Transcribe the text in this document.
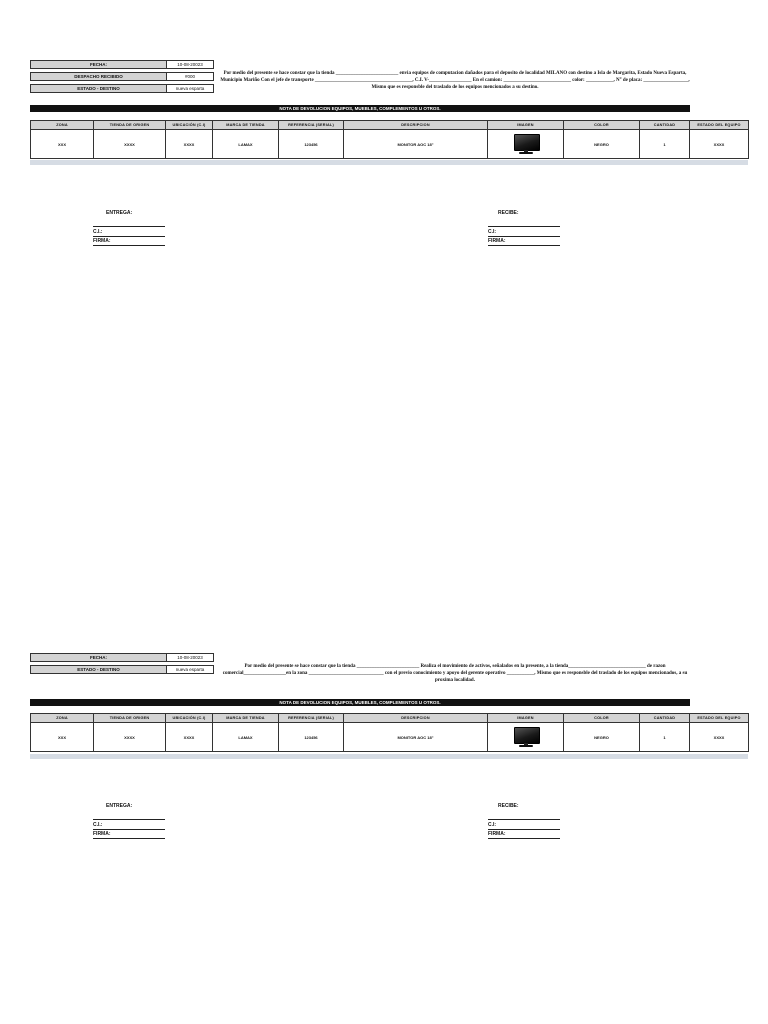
FECHA:	10-08-20023
DESPACHO RECIBIDO	#000
ESTADO - DESTINO	nueva esparta
Por medio del presente se hace constar que la tienda _________________________ envia equipos de computacion dañados para el deposito de localidad MILANO con destino a Isla de Margarita, Estado Nueva Esparta, Municipio Mariño Con el jefe de transporte _______________________________________, C.I. V-_________________ En el camion: ___________________________ color: ___________, N° de placa: __________________, Mismo que es responsble del traslado de los equipos mencionados a su destino.
NOTA DE DEVOLUCION EQUIPOS, MUEBLES, COMPLEMENTOS U OTROS.
ZONA	TIENDA DE ORIGEN	UBICACIÓN (C.I)	MARCA DE TIENDA	REFERENCIA (SERIAL)	DESCRIPCION	IMAGEN	COLOR	CANTIDAD	ESTADO DEL EQUIPO
XXX	XXXX	XXXX	LAMAX	123456	MONITOR AOC 18"		NEGRO	1	XXXX
ENTREGA:
C.I.:
FIRMA:
RECIBE:
C.I:
FIRMA:
FECHA:	10-08-20023
ESTADO - DESTINO	nueva esparta
Por medio del presente se hace constar que la tienda _________________________ Realiza el movimiento de activos, señalados en la presente, a la tienda_______________________________ de razon comercial_________________en la zona ______________________________ con el previo conocimiento y apoyo del gerente operativo ___________, Mismo que es responsble del traslado de los equipos mencionados, a su proxima localidad.
NOTA DE DEVOLUCION EQUIPOS, MUEBLES, COMPLEMENTOS U OTROS.
ZONA	TIENDA DE ORIGEN	UBICACIÓN (C.I)	MARCA DE TIENDA	REFERENCIA (SERIAL)	DESCRIPCION	IMAGEN	COLOR	CANTIDAD	ESTADO DEL EQUIPO
XXX	XXXX	XXXX	LAMAX	123456	MONITOR AOC 18"		NEGRO	1	XXXX
ENTREGA:
C.I.:
FIRMA:
RECIBE:
C.I:
FIRMA:
